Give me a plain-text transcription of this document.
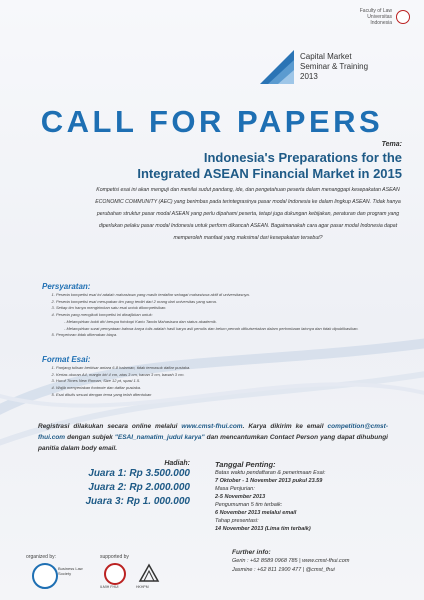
Faculty of Law Universitas Indonesia
Capital Market
Seminar & Training
2013
CALL FOR PAPERS
Tema:
Indonesia's Preparations for the
Integrated ASEAN Financial Market in 2015
Kompetisi esai ini akan menguji dan menilai sudut pandang, ide, dan pengetahuan peserta dalam menanggapi kesepakatan ASEAN ECONOMIC COMMUNITY (AEC) yang berimbas pada terintegrasinya pasar modal Indonesia ke dalam lingkup ASEAN. Tidak hanya perubahan struktur pasar modal ASEAN yang perlu dipahami peserta, tetapi juga dukungan kebijakan, peraturan dan program yang diperlukan pelaku pasar modal Indonesia untuk perform dikancah ASEAN. Bagaimanakah cara agar pasar modal Indonesia dapat memperoleh manfaat yang maksimal dari kesepakatan tersebut?
Persyaratan:
1. Peserta kompetisi esai ini adalah mahasiswa yang masih terdaftar sebagai mahasiswa aktif di universitasnya.
2. Peserta kompetisi esai merupakan tim yang terdiri dari 2 orang dari universitas yang sama.
3. Setiap tim hanya mengirimkan satu esai untuk dikompetisikan.
4. Peserta yang mengikuti kompetisi ini diwajibkan untuk:
- Melampirkan bukti diri berupa fotokopi Kartu Tanda Mahasiswa dan status akademik.
- Melampirkan surat pernyataan bahwa karya tulis adalah hasil karya asli penulis dan belum pernah diikutsertakan dalam perlombaan lainnya dan tidak dipublikasikan.
5. Penyetoran tidak dikenakan biaya.
Format Esai:
1. Panjang tulisan berkisar antara 6-8 halaman, tidak termasuk daftar pustaka.
2. Kertas ukuran A4, margin kiri 4 cm, atas 3 cm, kanan 3 cm, bawah 3 cm.
3. Huruf Times New Roman, Size 12 pt, spasi 1.5.
4. Wajib menyertakan footnote dan daftar pustaka.
5. Esai ditulis sesuai dengan tema yang telah ditentukan
Registrasi dilakukan secara online melalui www.cmst-fhui.com. Karya dikirim ke email competition@cmst-fhui.com dengan subjek "ESAI_namatim_judul karya" dan mencantumkan Contact Person yang dapat dihubungi panitia dalam body email.
Hadiah:
Juara 1: Rp 3.500.000
Juara 2: Rp 2.000.000
Juara 3: Rp 1. 000.000
Tanggal Penting:
Batas waktu pendaftaran & penerimaan Esai:
7 Oktober - 1 November 2013 pukul 23.59
Masa Penjurian:
2-5 November 2013
Pengumuman 5 tim terbaik:
6 November 2013 melalui email
Tahap presentasi:
14 November 2013 (Lima tim terbaik)
organized by:
Business Law Society
supported by
ILMIH FHUI	HKHPM
Further info:
Gerin : +62 8589 0968 785 | www.cmst-fhui.com
Jasmine : +62 811 1900 477 | @cmst_fhui
